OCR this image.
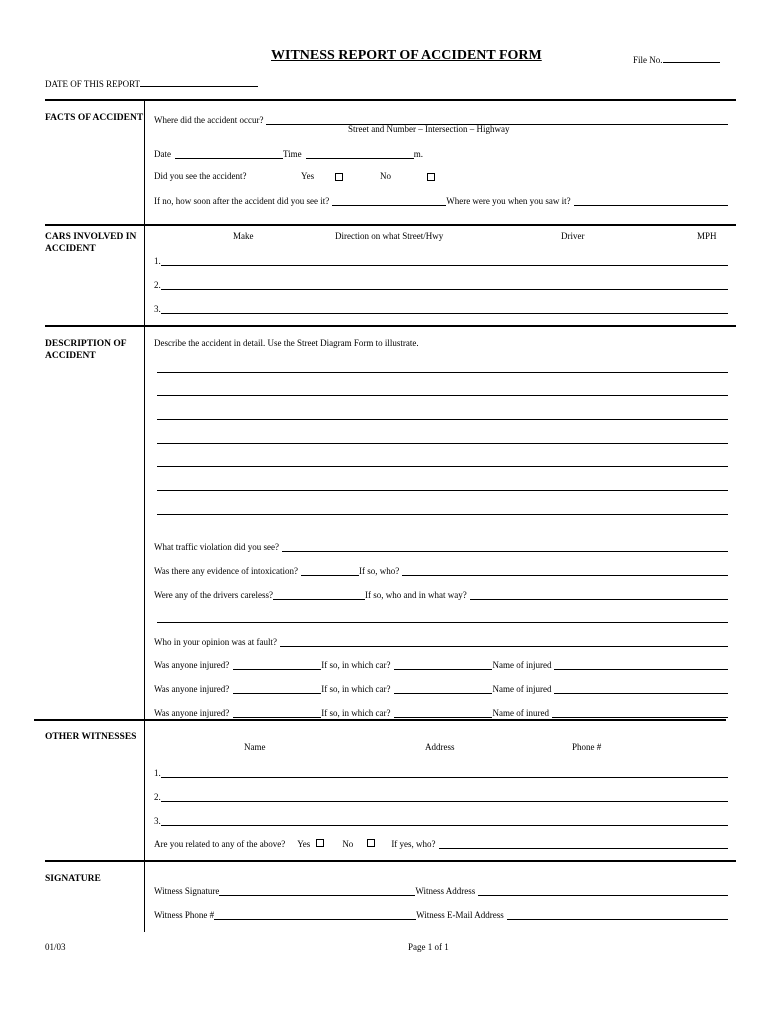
WITNESS REPORT OF ACCIDENT FORM	File No.
DATE OF THIS REPORT
FACTS OF ACCIDENT Where did the accident occur?
Street and Number – Intersection – Highway
Date	Time	m.
Did you see the accident?	Yes	No
If no, how soon after the accident did you see it?	Where were you when you saw it?
CARS INVOLVED IN ACCIDENT
Make	Direction on what Street/Hwy	Driver	MPH
1.
2.
3.
DESCRIPTION OF ACCIDENT
Describe the accident in detail. Use the Street Diagram Form to illustrate.
What traffic violation did you see?
Was there any evidence of intoxication?	If so, who?
Were any of the drivers careless?	If so, who and in what way?
Who in your opinion was at fault?
Was anyone injured?	If so, in which car?	Name of injured
Was anyone injured?	If so, in which car?	Name of injured
Was anyone injured?	If so, in which car?	Name of inured
OTHER WITNESSES
Name	Address	Phone #
1.
2.
3.
Are you related to any of the above? Yes	No	If yes, who?
SIGNATURE
Witness Signature	Witness Address
Witness Phone #	Witness E-Mail Address
01/03	Page 1 of 1
